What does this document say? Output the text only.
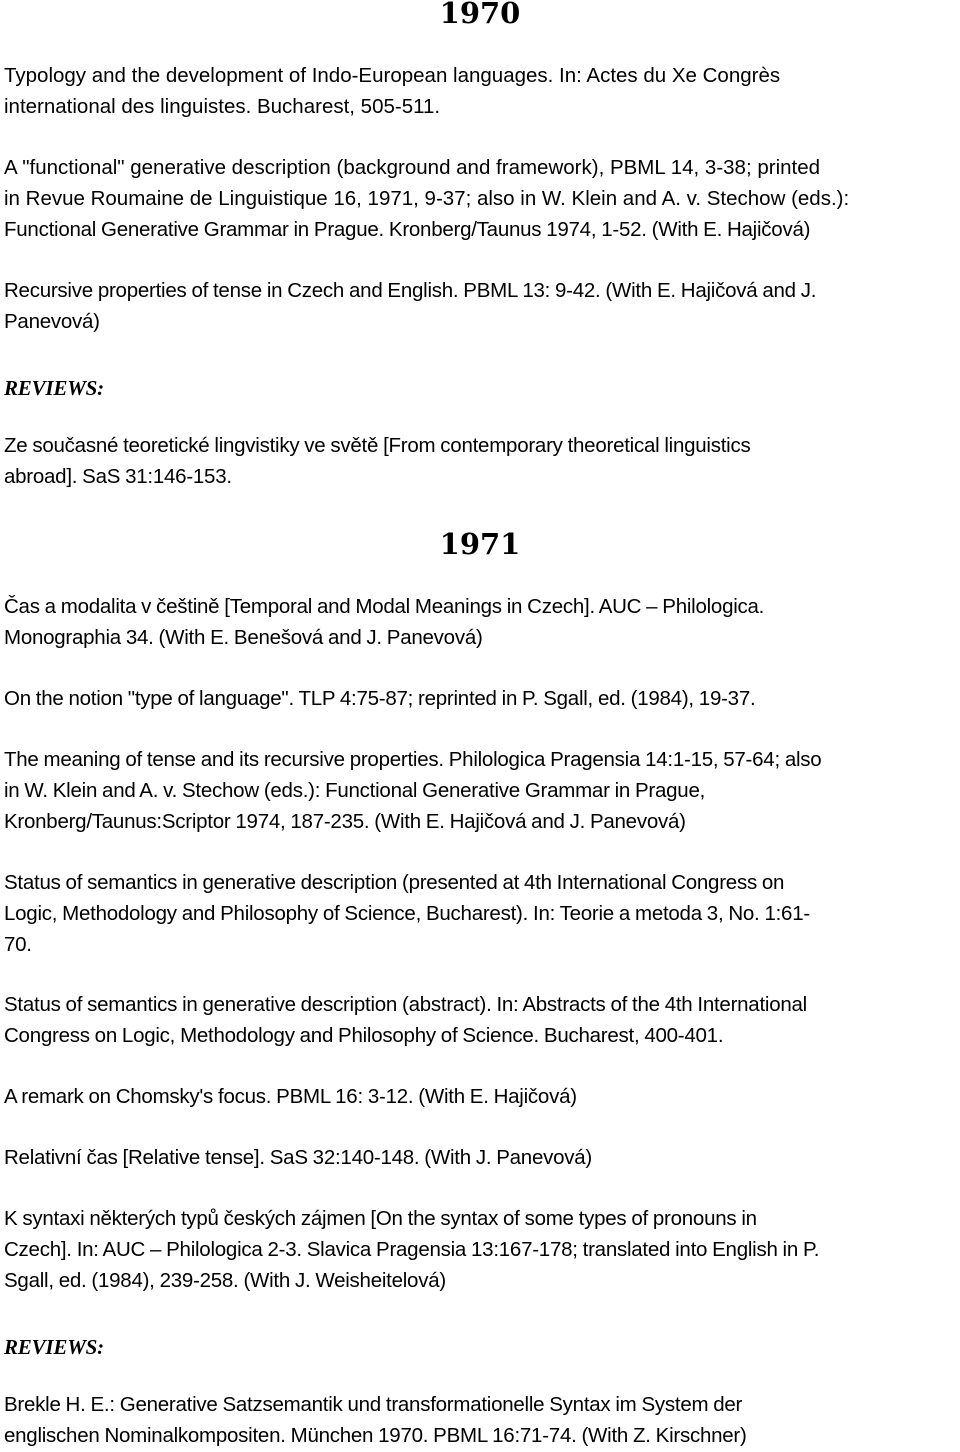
1970

Typology and the development of Indo-European languages. In: Actes du Xe Congrès
international des linguistes. Bucharest, 505-511.

A "functional" generative description (background and framework), PBML 14, 3-38; printed
in Revue Roumaine de Linguistique 16, 1971, 9-37; also in W. Klein and A. v. Stechow (eds.):
Functional Generative Grammar in Prague. Kronberg/Taunus 1974, 1-52. (With E. Hajičová)

Recursive properties of tense in Czech and English. PBML 13: 9-42. (With E. Hajičová and J.
Panevová)

REVIEWS:

Ze současné teoretické lingvistiky ve světě [From contemporary theoretical linguistics
abroad]. SaS 31:146-153.

1971

Čas a modalita v češtině [Temporal and Modal Meanings in Czech]. AUC – Philologica.
Monographia 34. (With E. Benešová and J. Panevová)

On the notion "type of language". TLP 4:75-87; reprinted in P. Sgall, ed. (1984), 19-37.

The meaning of tense and its recursive properties. Philologica Pragensia 14:1-15, 57-64; also
in W. Klein and A. v. Stechow (eds.): Functional Generative Grammar in Prague,
Kronberg/Taunus:Scriptor 1974, 187-235. (With E. Hajičová and J. Panevová)

Status of semantics in generative description (presented at 4th International Congress on
Logic, Methodology and Philosophy of Science, Bucharest). In: Teorie a metoda 3, No. 1:61-
70.

Status of semantics in generative description (abstract). In: Abstracts of the 4th International
Congress on Logic, Methodology and Philosophy of Science. Bucharest, 400-401.

A remark on Chomsky's focus. PBML 16: 3-12. (With E. Hajičová)

Relativní čas [Relative tense]. SaS 32:140-148. (With J. Panevová)

K syntaxi některých typů českých zájmen [On the syntax of some types of pronouns in
Czech]. In: AUC – Philologica 2-3. Slavica Pragensia 13:167-178; translated into English in P.
Sgall, ed. (1984), 239-258. (With J. Weisheitelová)

REVIEWS:

Brekle H. E.: Generative Satzsemantik und transformationelle Syntax im System der
englischen Nominalkompositen. München 1970. PBML 16:71-74. (With Z. Kirschner)
